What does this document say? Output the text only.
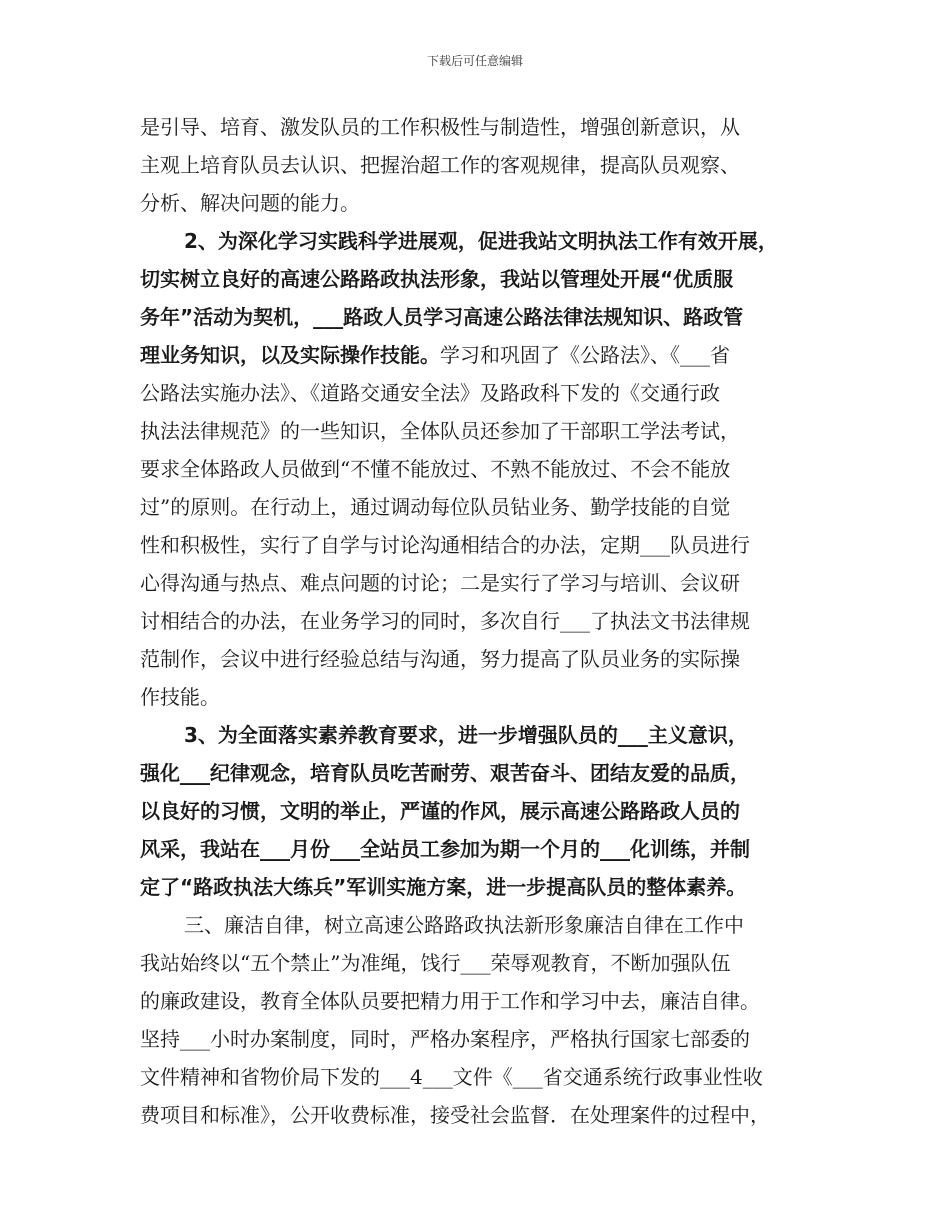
下载后可任意编辑
是引导、培育、激发队员的工作积极性与制造性，增强创新意识，从
主观上培育队员去认识、把握治超工作的客观规律，提高队员观察、
分析、解决问题的能力。
2、为深化学习实践科学进展观，促进我站文明执法工作有效开展，
切实树立良好的高速公路路政执法形象，我站以管理处开展“优质服
务年”活动为契机，___路政人员学习高速公路法律法规知识、路政管
理业务知识，以及实际操作技能。学习和巩固了《公路法》、《___省
公路法实施办法》、《道路交通安全法》及路政科下发的《交通行政
执法法律规范》的一些知识，全体队员还参加了干部职工学法考试，
要求全体路政人员做到“不懂不能放过、不熟不能放过、不会不能放
过”的原则。在行动上，通过调动每位队员钻业务、勤学技能的自觉
性和积极性，实行了自学与讨论沟通相结合的办法，定期___队员进行
心得沟通与热点、难点问题的讨论；二是实行了学习与培训、会议研
讨相结合的办法，在业务学习的同时，多次自行___了执法文书法律规
范制作，会议中进行经验总结与沟通，努力提高了队员业务的实际操
作技能。
3、为全面落实素养教育要求，进一步增强队员的___主义意识，
强化___纪律观念，培育队员吃苦耐劳、艰苦奋斗、团结友爱的品质，
以良好的习惯，文明的举止，严谨的作风，展示高速公路路政人员的
风采，我站在___月份___全站员工参加为期一个月的___化训练，并制
定了“路政执法大练兵”军训实施方案，进一步提高队员的整体素养。
三、廉洁自律，树立高速公路路政执法新形象廉洁自律在工作中
我站始终以“五个禁止”为准绳，饯行___荣辱观教育，不断加强队伍
的廉政建设，教育全体队员要把精力用于工作和学习中去，廉洁自律。
坚持___小时办案制度，同时，严格办案程序，严格执行国家七部委的
文件精神和省物价局下发的___4___文件《___省交通系统行政事业性收
费项目和标准》，公开收费标准，接受社会监督．在处理案件的过程中，
